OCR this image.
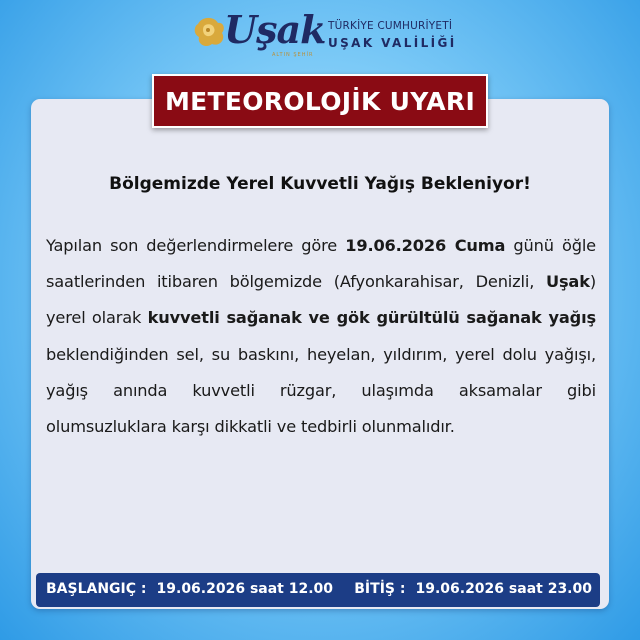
Uşak
ALTIN ŞEHİR
TÜRKİYE CUMHURİYETİ
UŞAK VALİLİĞİ
METEOROLOJİK UYARI
Bölgemizde Yerel Kuvvetli Yağış Bekleniyor!
Yapılan son değerlendirmelere göre 19.06.2026 Cuma günü öğle saatlerinden itibaren bölgemizde (Afyonkarahisar, Denizli, Uşak) yerel olarak kuvvetli sağanak ve gök gürültülü sağanak yağış beklendiğinden sel, su baskını, heyelan, yıldırım, yerel dolu yağışı, yağış anında kuvvetli rüzgar, ulaşımda aksamalar gibi olumsuzluklara karşı dikkatli ve tedbirli olunmalıdır.
BAŞLANGIÇ : 19.06.2026 saat 12.00 BİTİŞ : 19.06.2026 saat 23.00
